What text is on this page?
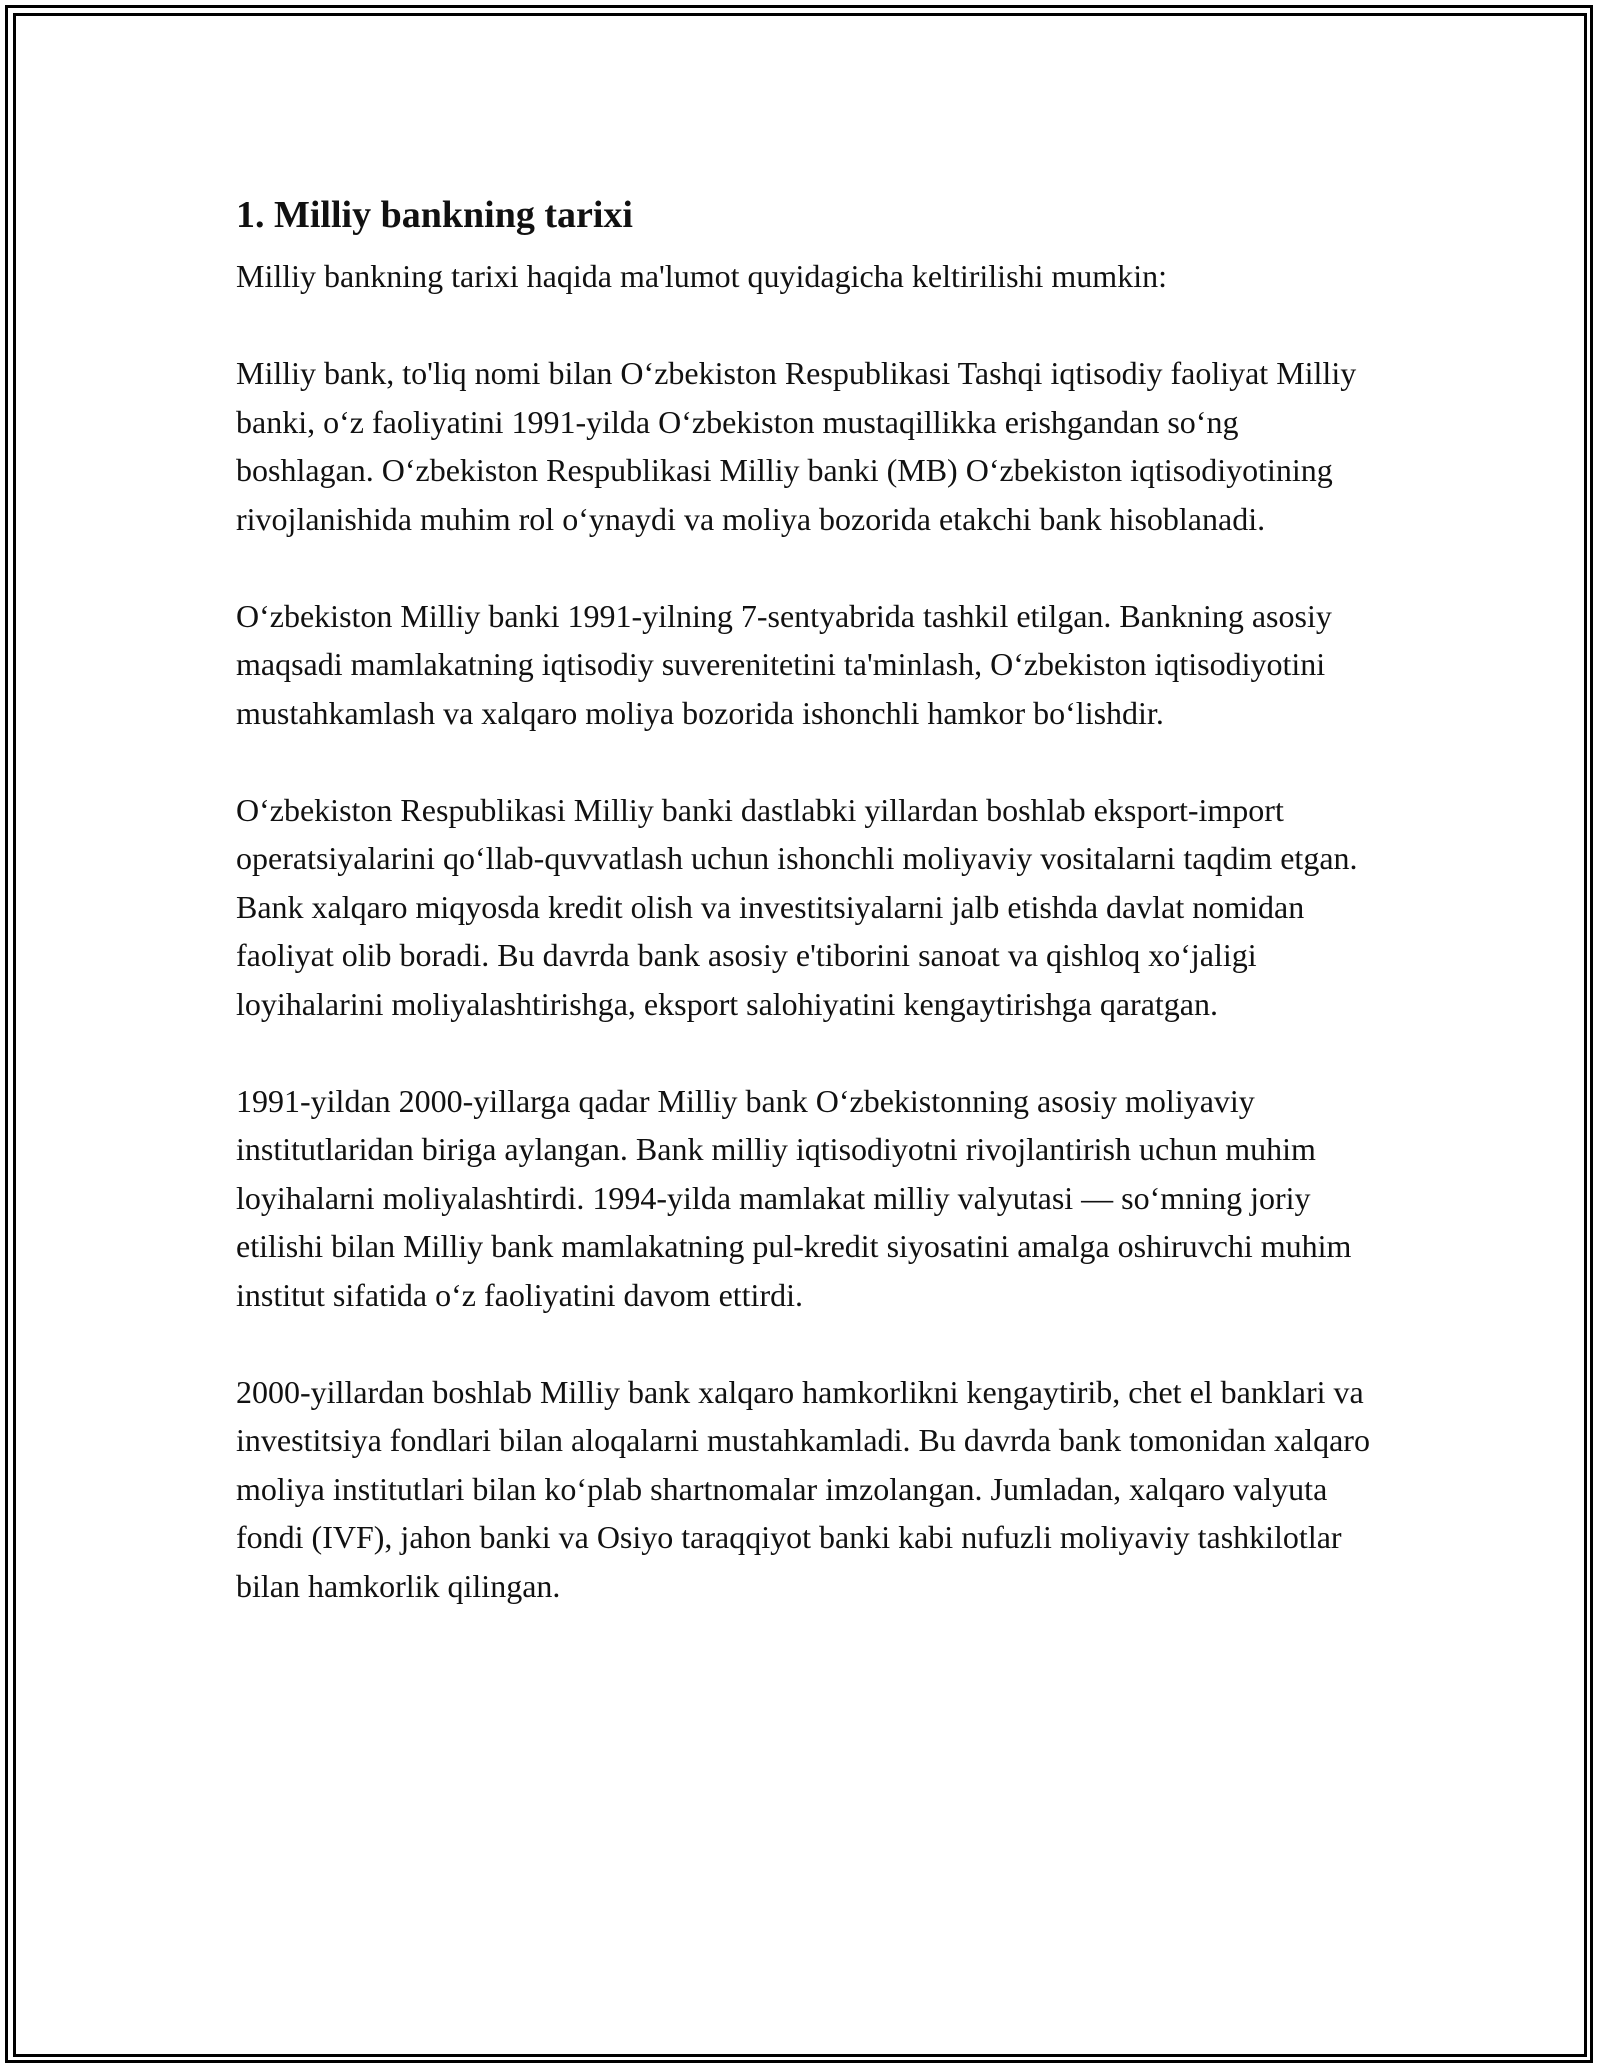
1. Milliy bankning tarixi

Milliy bankning tarixi haqida ma'lumot quyidagicha keltirilishi mumkin:

Milliy bank, to'liq nomi bilan O‘zbekiston Respublikasi Tashqi iqtisodiy faoliyat Milliy banki, o‘z faoliyatini 1991-yilda O‘zbekiston mustaqillikka erishgandan so‘ng boshlagan. O‘zbekiston Respublikasi Milliy banki (MB) O‘zbekiston iqtisodiyotining rivojlanishida muhim rol o‘ynaydi va moliya bozorida etakchi bank hisoblanadi.

O‘zbekiston Milliy banki 1991-yilning 7-sentyabrida tashkil etilgan. Bankning asosiy maqsadi mamlakatning iqtisodiy suverenitetini ta'minlash, O‘zbekiston iqtisodiyotini mustahkamlash va xalqaro moliya bozorida ishonchli hamkor bo‘lishdir.

O‘zbekiston Respublikasi Milliy banki dastlabki yillardan boshlab eksport-import operatsiyalarini qo‘llab-quvvatlash uchun ishonchli moliyaviy vositalarni taqdim etgan. Bank xalqaro miqyosda kredit olish va investitsiyalarni jalb etishda davlat nomidan faoliyat olib boradi. Bu davrda bank asosiy e'tiborini sanoat va qishloq xo‘jaligi loyihalarini moliyalashtirishga, eksport salohiyatini kengaytirishga qaratgan.

1991-yildan 2000-yillarga qadar Milliy bank O‘zbekistonning asosiy moliyaviy institutlaridan biriga aylangan. Bank milliy iqtisodiyotni rivojlantirish uchun muhim loyihalarni moliyalashtirdi. 1994-yilda mamlakat milliy valyutasi — so‘mning joriy etilishi bilan Milliy bank mamlakatning pul-kredit siyosatini amalga oshiruvchi muhim institut sifatida o‘z faoliyatini davom ettirdi.

2000-yillardan boshlab Milliy bank xalqaro hamkorlikni kengaytirib, chet el banklari va investitsiya fondlari bilan aloqalarni mustahkamladi. Bu davrda bank tomonidan xalqaro moliya institutlari bilan ko‘plab shartnomalar imzolangan. Jumladan, xalqaro valyuta fondi (IVF), jahon banki va Osiyo taraqqiyot banki kabi nufuzli moliyaviy tashkilotlar bilan hamkorlik qilingan.
